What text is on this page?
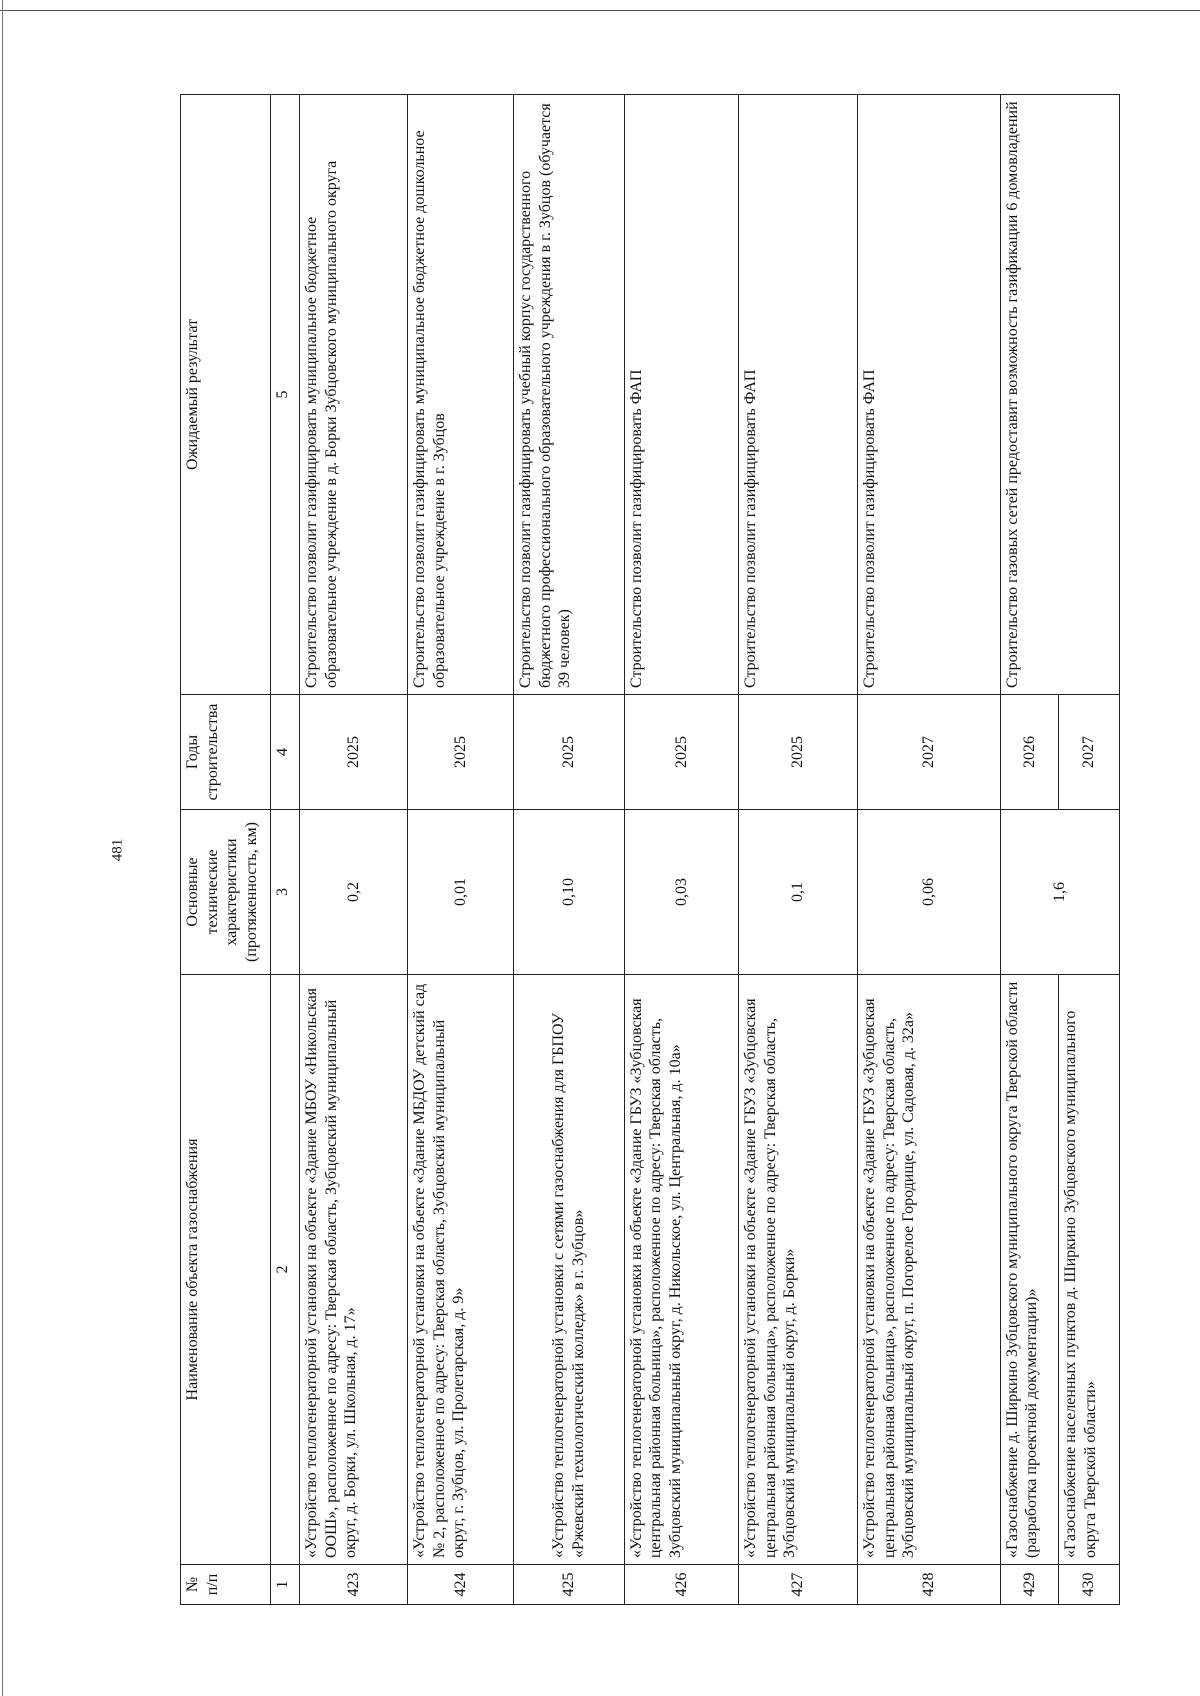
481
№ п/п	Наименование объекта газоснабжения	Основные технические характеристики (протяженность, км)	Годы строительства	Ожидаемый результат
1	2	3	4	5
423	«Устройство теплогенераторной установки на объекте «Здание МБОУ «Никольская ООШ», расположенное по адресу: Тверская область, Зубцовский муниципальный округ, д. Борки, ул. Школьная, д. 17»	0,2	2025	Строительство позволит газифицировать муниципальное бюджетное образовательное учреждение в д. Борки Зубцовского муниципального округа
424	«Устройство теплогенераторной установки на объекте «Здание МБДОУ детский сад № 2, расположенное по адресу: Тверская область, Зубцовский муниципальный округ, г. Зубцов, ул. Пролетарская, д. 9»	0,01	2025	Строительство позволит газифицировать муниципальное бюджетное дошкольное образовательное учреждение в г. Зубцов
425	«Устройство теплогенераторной установки с сетями газоснабжения для ГБПОУ «Ржевский технологический колледж» в г. Зубцов»	0,10	2025	Строительство позволит газифицировать учебный корпус государственного бюджетного профессионального образовательного учреждения в г. Зубцов (обучается 39 человек)
426	«Устройство теплогенераторной установки на объекте «Здание ГБУЗ «Зубцовская центральная районная больница», расположенное по адресу: Тверская область, Зубцовский муниципальный округ, д. Никольское, ул. Центральная, д. 10а»	0,03	2025	Строительство позволит газифицировать ФАП
427	«Устройство теплогенераторной установки на объекте «Здание ГБУЗ «Зубцовская центральная районная больница», расположенное по адресу: Тверская область, Зубцовский муниципальный округ, д. Борки»	0,1	2025	Строительство позволит газифицировать ФАП
428	«Устройство теплогенераторной установки на объекте «Здание ГБУЗ «Зубцовская центральная районная больница», расположенное по адресу: Тверская область, Зубцовский муниципальный округ, п. Погорелое Городище, ул. Садовая, д. 32а»	0,06	2027	Строительство позволит газифицировать ФАП
429	«Газоснабжение д. Ширкино Зубцовского муниципального округа Тверской области (разработка проектной документации)»	1,6	2026	Строительство газовых сетей предоставит возможность газификации 6 домовладений
430	«Газоснабжение населенных пунктов д. Ширкино Зубцовского муниципального округа Тверской области»		2027	
